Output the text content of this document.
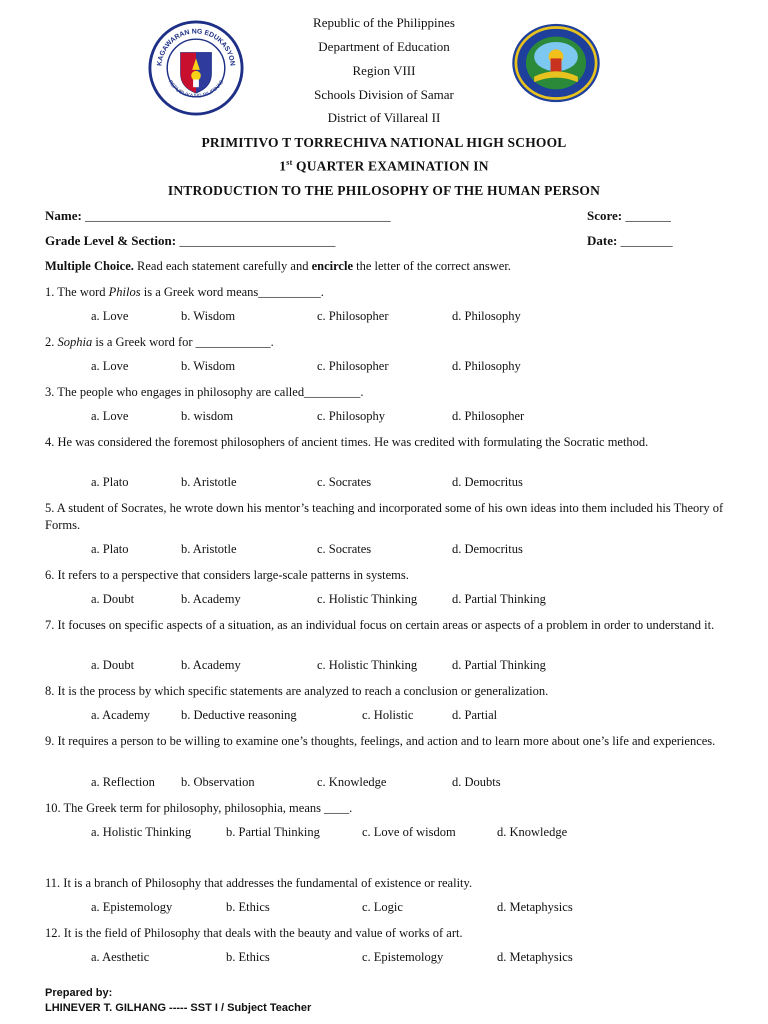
KAGAWARAN NG EDUKASYON
REPUBLIKA NG PILIPINAS
Republic of the Philippines
Department of Education
Region VIII
Schools Division of Samar
District of Villareal II
PRIMITIVO T TORRECHIVA NATIONAL HIGH SCHOOL
1st QUARTER EXAMINATION IN
INTRODUCTION TO THE PHILOSOPHY OF THE HUMAN PERSON
Name: _______________________________________________	Score: _______
Grade Level & Section: ________________________	Date: ________
Multiple Choice. Read each statement carefully and encircle the letter of the correct answer.
1. The word Philos is a Greek word means__________.
a. Love	b. Wisdom	c. Philosopher	d. Philosophy
2. Sophia is a Greek word for ____________.
a. Love	b. Wisdom	c. Philosopher	d. Philosophy
3. The people who engages in philosophy are called_________.
a. Love	b. wisdom	c. Philosophy	d. Philosopher
4. He was considered the foremost philosophers of ancient times. He was credited with formulating the Socratic method.
a. Plato	b. Aristotle	c. Socrates	d. Democritus
5. A student of Socrates, he wrote down his mentor’s teaching and incorporated some of his own ideas into them included his Theory of Forms.
a. Plato	b. Aristotle	c. Socrates	d. Democritus
6. It refers to a perspective that considers large-scale patterns in systems.
a. Doubt	b. Academy	c. Holistic Thinking	d. Partial Thinking
7. It focuses on specific aspects of a situation, as an individual focus on certain areas or aspects of a problem in order to understand it.
a. Doubt	b. Academy	c. Holistic Thinking	d. Partial Thinking
8. It is the process by which specific statements are analyzed to reach a conclusion or generalization.
a. Academy b. Deductive reasoning	c. Holistic	d. Partial
9. It requires a person to be willing to examine one’s thoughts, feelings, and action and to learn more about one’s life and experiences.
a. Reflection b. Observation	c. Knowledge	d. Doubts
10. The Greek term for philosophy, philosophia, means ____.
a. Holistic Thinking	b. Partial Thinking	c. Love of wisdom	d. Knowledge
11. It is a branch of Philosophy that addresses the fundamental of existence or reality.
a. Epistemology	b. Ethics	c. Logic	d. Metaphysics
12. It is the field of Philosophy that deals with the beauty and value of works of art.
a. Aesthetic	b. Ethics	c. Epistemology	d. Metaphysics
Prepared by:
LHINEVER T. GILHANG ----- SST I / Subject Teacher
